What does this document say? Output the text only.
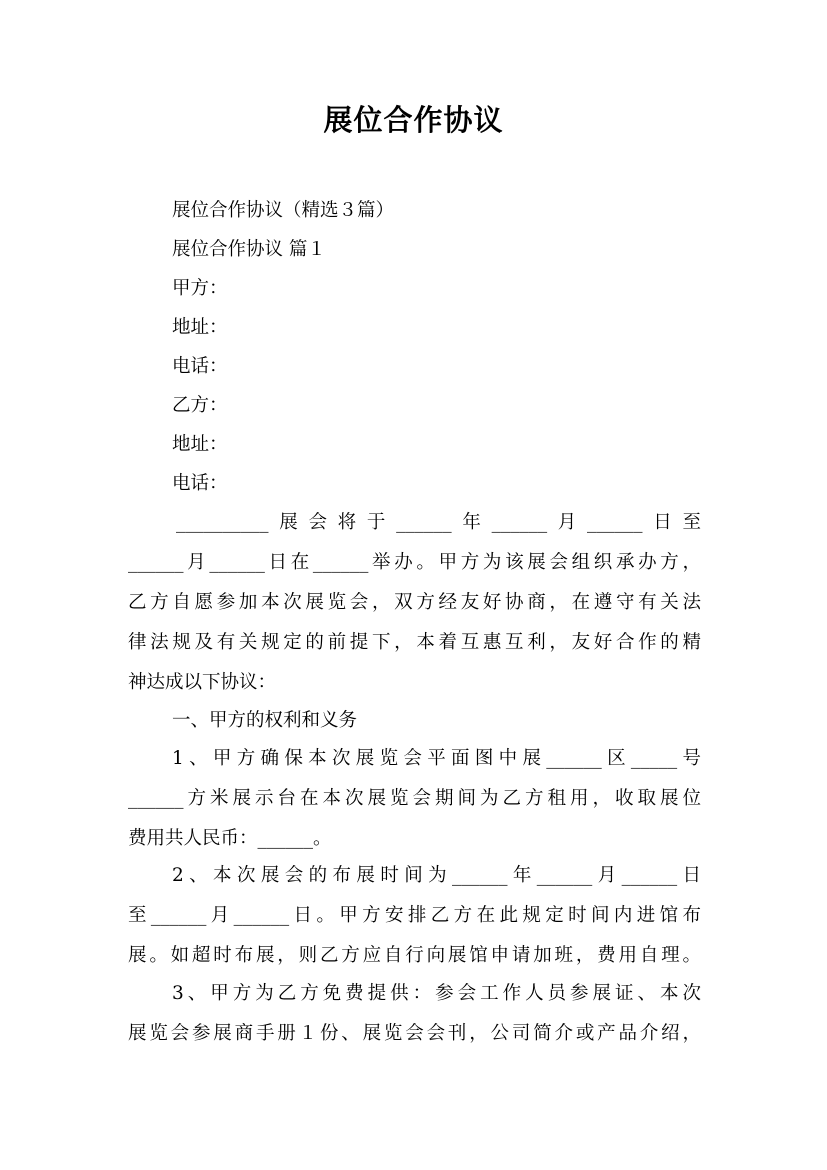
展位合作协议
展位合作协议（精选３篇）
展位合作协议 篇１
甲方：
地址：
电话：
乙方：
地址：
电话：
__________展会将于______年______月______日至
______月______日在______举办。甲方为该展会组织承办方，
乙方自愿参加本次展览会，双方经友好协商，在遵守有关法
律法规及有关规定的前提下，本着互惠互利，友好合作的精
神达成以下协议：
一、甲方的权利和义务
1、甲方确保本次展览会平面图中展______区_____号
______方米展示台在本次展览会期间为乙方租用，收取展位
费用共人民币：______。
2、本次展会的布展时间为______年______月______日
至______月______日。甲方安排乙方在此规定时间内进馆布
展。如超时布展，则乙方应自行向展馆申请加班，费用自理。
3、甲方为乙方免费提供：参会工作人员参展证、本次
展览会参展商手册１份、展览会会刊，公司简介或产品介绍，
